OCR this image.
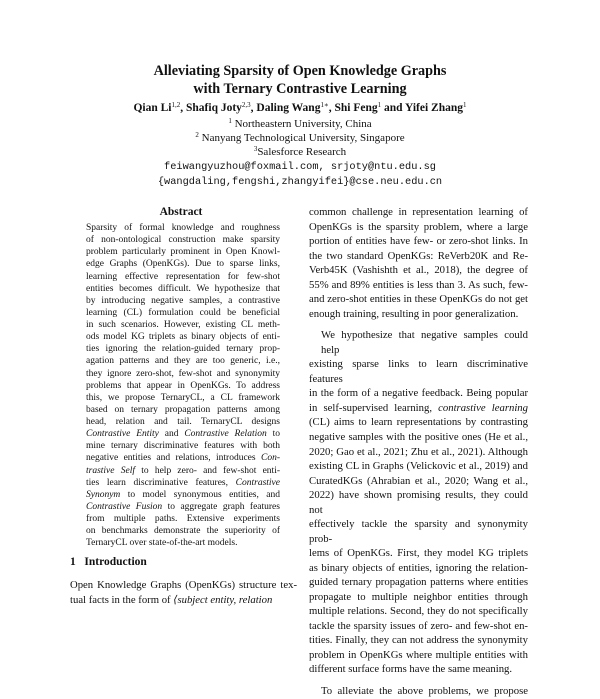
Alleviating Sparsity of Open Knowledge Graphs
with Ternary Contrastive Learning
Qian Li$^{1,2}$, Shafiq Joty$^{2,3}$, Daling Wang$^{1∗}$, Shi Feng$^1$ and Yifei Zhang$^1$
$^1$ Northeastern University, China
$^2$ Nanyang Technological University, Singapore
$^3$Salesforce Research
feiwangyuzhou@foxmail.com, srjoty@ntu.edu.sg
{wangdaling,fengshi,zhangyifei}@cse.neu.edu.cn
Abstract
Sparsity of formal knowledge and roughness
of non-ontological construction make sparsity
problem particularly prominent in Open Knowl-
edge Graphs (OpenKGs). Due to sparse links,
learning effective representation for few-shot
entities becomes difficult. We hypothesize that
by introducing negative samples, a contrastive
learning (CL) formulation could be beneficial
in such scenarios. However, existing CL meth-
ods model KG triplets as binary objects of enti-
ties ignoring the relation-guided ternary prop-
agation patterns and they are too generic, i.e.,
they ignore zero-shot, few-shot and synonymity
problems that appear in OpenKGs. To address
this, we propose TernaryCL, a CL framework
based on ternary propagation patterns among
head, relation and tail. TernaryCL designs
Contrastive Entity and Contrastive Relation to
mine ternary discriminative features with both
negative entities and relations, introduces Con-
trastive Self to help zero- and few-shot enti-
ties learn discriminative features, Contrastive
Synonym to model synonymous entities, and
Contrastive Fusion to aggregate graph features
from multiple paths. Extensive experiments
on benchmarks demonstrate the superiority of
TernaryCL over state-of-the-art models.
1 Introduction
Open Knowledge Graphs (OpenKGs) structure tex-
tual facts in the form of ⟨subject entity, relation
common challenge in representation learning of
OpenKGs is the sparsity problem, where a large
portion of entities have few- or zero-shot links. In
the two standard OpenKGs: ReVerb20K and Re-
Verb45K (Vashishth et al., 2018), the degree of
55% and 89% entities is less than 3. As such, few-
and zero-shot entities in these OpenKGs do not get
enough training, resulting in poor generalization.
We hypothesize that negative samples could help
existing sparse links to learn discriminative features
in the form of a negative feedback. Being popular
in self-supervised learning, contrastive learning
(CL) aims to learn representations by contrasting
negative samples with the positive ones (He et al.,
2020; Gao et al., 2021; Zhu et al., 2021). Although
existing CL in Graphs (Velickovic et al., 2019) and
CuratedKGs (Ahrabian et al., 2020; Wang et al.,
2022) have shown promising results, they could not
effectively tackle the sparsity and synonymity prob-
lems of OpenKGs. First, they model KG triplets
as binary objects of entities, ignoring the relation-
guided ternary propagation patterns where entities
propagate to multiple neighbor entities through
multiple relations. Second, they do not specifically
tackle the sparsity issues of zero- and few-shot en-
tities. Finally, they can not address the synonymity
problem in OpenKGs where multiple entities with
different surface forms have the same meaning.
To alleviate the above problems, we propose
